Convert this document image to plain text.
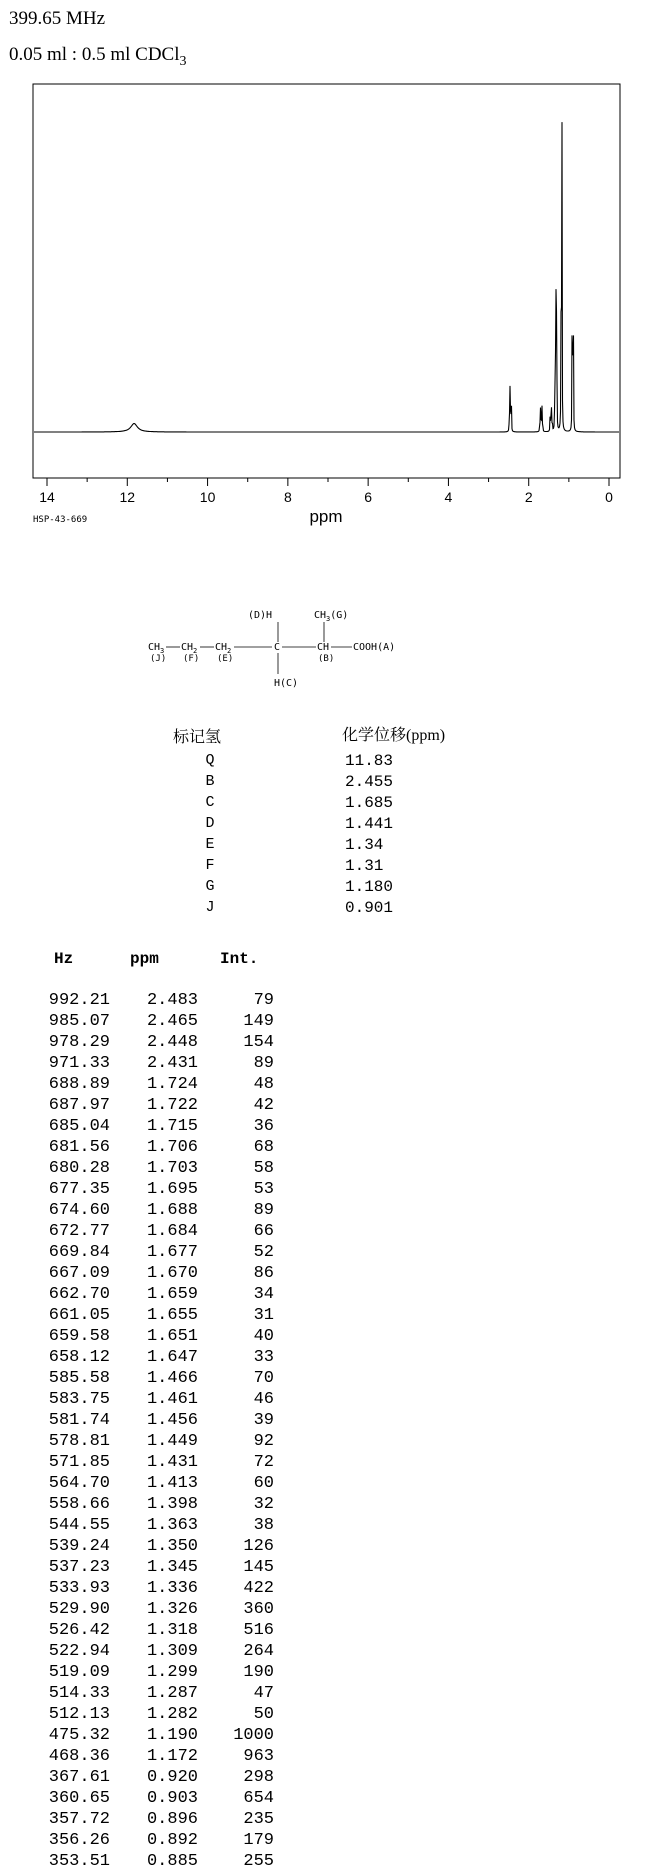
399.65 MHz
0.05 ml : 0.5 ml CDCl$_3$
14	12	10	8	6	4	2	0
ppm
HSP-43-669
(D)H	$CH_3(G)$
$CH_3$ $CH_2$ $CH_2$	C	CH COOH(A)
(J) (F) (E)	(B)
H(C)
标记氢	化学位移(ppm)
Q	11.83
B	2.455
C	1.685
D	1.441
E	1.34
F	1.31
G	1.180
J	0.901
Hz	ppm	Int.
992.21	2.483	79
985.07	2.465	149
978.29	2.448	154
971.33	2.431	89
688.89	1.724	48
687.97	1.722	42
685.04	1.715	36
681.56	1.706	68
680.28	1.703	58
677.35	1.695	53
674.60	1.688	89
672.77	1.684	66
669.84	1.677	52
667.09	1.670	86
662.70	1.659	34
661.05	1.655	31
659.58	1.651	40
658.12	1.647	33
585.58	1.466	70
583.75	1.461	46
581.74	1.456	39
578.81	1.449	92
571.85	1.431	72
564.70	1.413	60
558.66	1.398	32
544.55	1.363	38
539.24	1.350	126
537.23	1.345	145
533.93	1.336	422
529.90	1.326	360
526.42	1.318	516
522.94	1.309	264
519.09	1.299	190
514.33	1.287	47
512.13	1.282	50
475.32	1.190	1000
468.36	1.172	963
367.61	0.920	298
360.65	0.903	654
357.72	0.896	235
356.26	0.892	179
353.51	0.885	255
